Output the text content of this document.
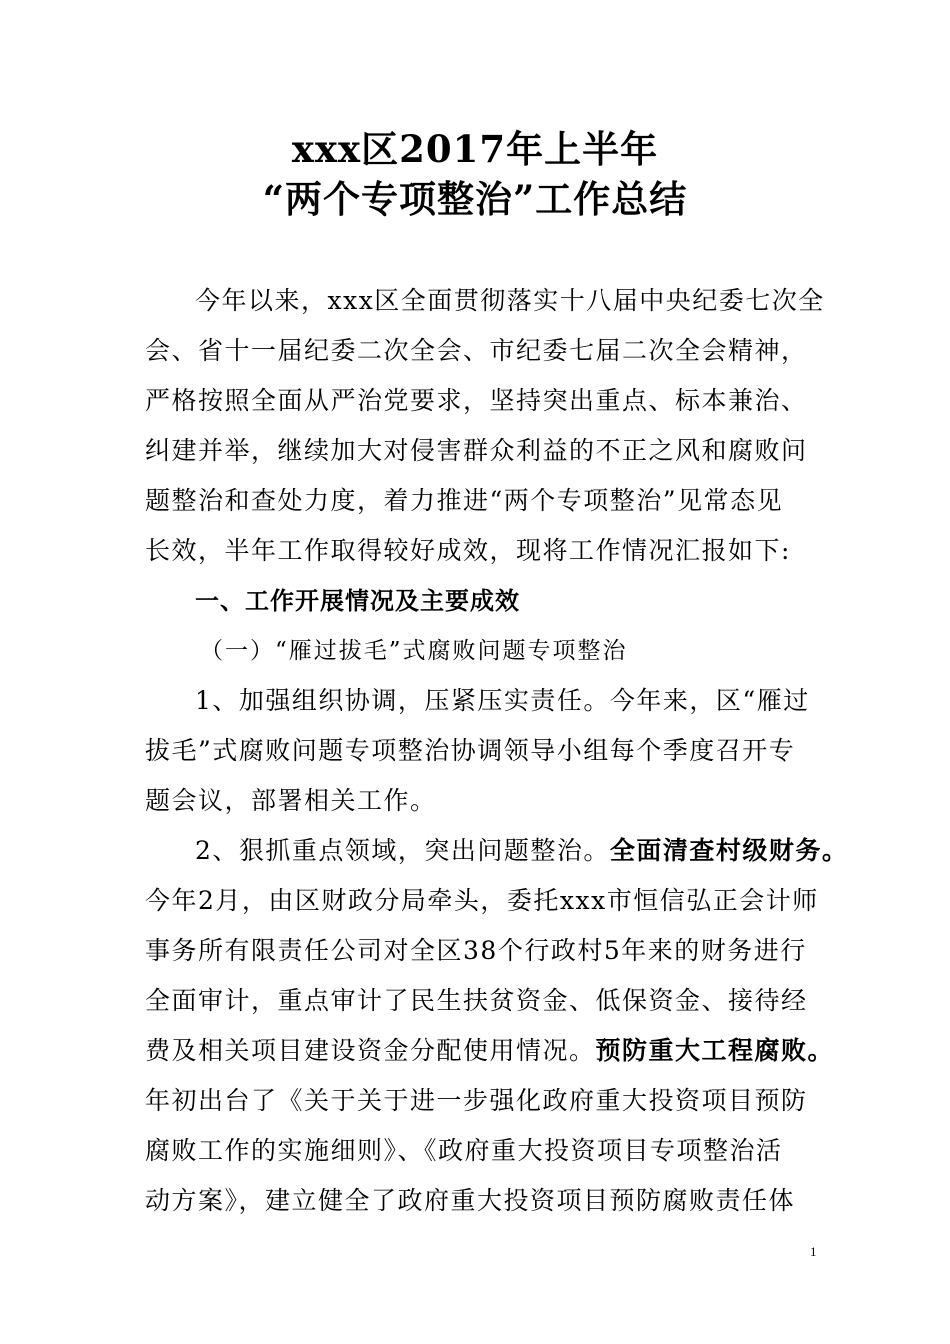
xxx区2017年上半年
“两个专项整治”工作总结
今年以来，xxx区全面贯彻落实十八届中央纪委七次全
会、省十一届纪委二次全会、市纪委七届二次全会精神，
严格按照全面从严治党要求，坚持突出重点、标本兼治、
纠建并举，继续加大对侵害群众利益的不正之风和腐败问
题整治和查处力度，着力推进“两个专项整治”见常态见
长效，半年工作取得较好成效，现将工作情况汇报如下:
一、工作开展情况及主要成效
（一）“雁过拔毛”式腐败问题专项整治
1、加强组织协调，压紧压实责任。今年来，区“雁过
拔毛”式腐败问题专项整治协调领导小组每个季度召开专
题会议，部署相关工作。
2、狠抓重点领域，突出问题整治。全面清查村级财务。
今年2月，由区财政分局牵头，委托xxx市恒信弘正会计师
事务所有限责任公司对全区38个行政村5年来的财务进行
全面审计，重点审计了民生扶贫资金、低保资金、接待经
费及相关项目建设资金分配使用情况。预防重大工程腐败。
年初出台了《关于关于进一步强化政府重大投资项目预防
腐败工作的实施细则》、《政府重大投资项目专项整治活
动方案》，建立健全了政府重大投资项目预防腐败责任体
1
